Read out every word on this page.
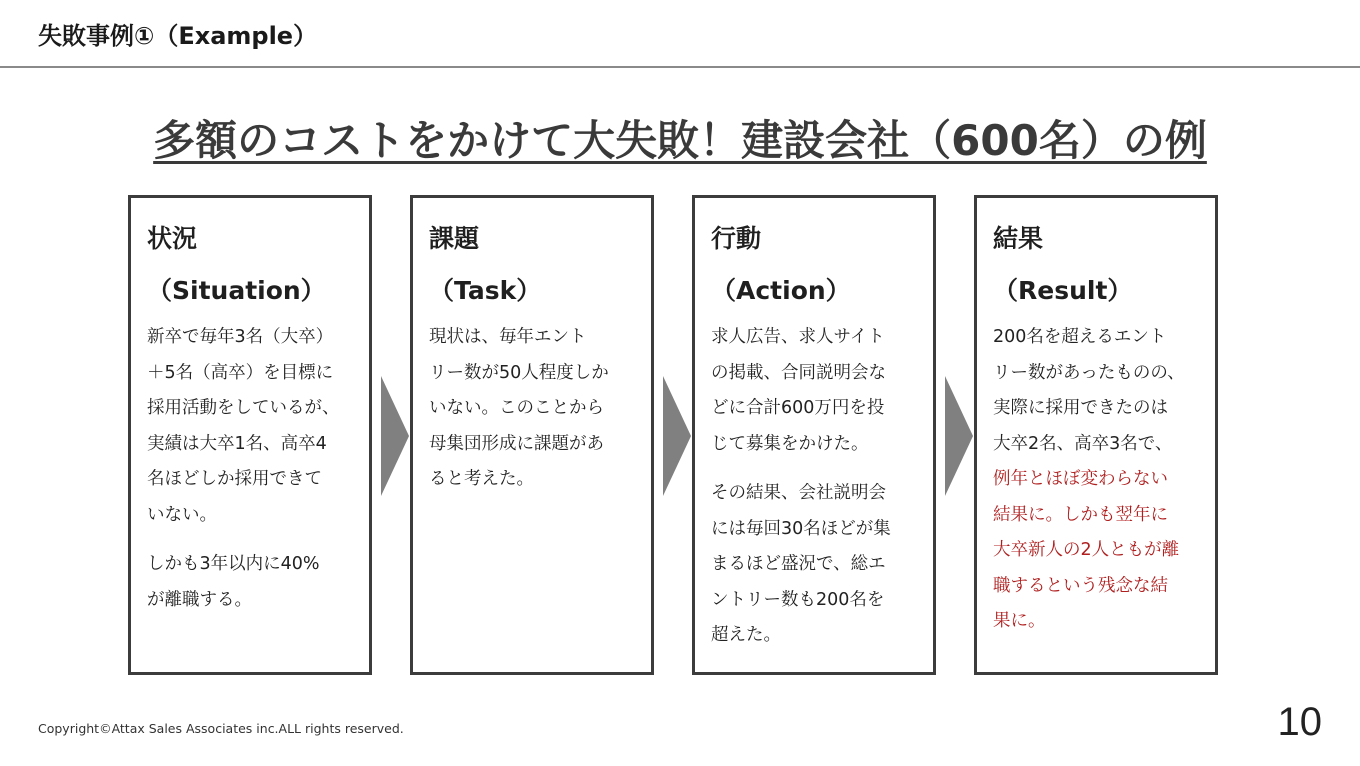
失敗事例①（Example）
多額のコストをかけて大失敗！建設会社（600名）の例
状況
（Situation）

新卒で毎年3名（大卒）
＋5名（高卒）を目標に
採用活動をしているが、
実績は大卒1名、高卒4
名ほどしか採用できて
いない。

しかも3年以内に40%
が離職する。

課題
（Task）

現状は、毎年エント
リー数が50人程度しか
いない。このことから
母集団形成に課題があ
ると考えた。

行動
（Action）

求人広告、求人サイト
の掲載、合同説明会な
どに合計600万円を投
じて募集をかけた。

その結果、会社説明会
には毎回30名ほどが集
まるほど盛況で、総エ
ントリー数も200名を
超えた。

結果
（Result）

200名を超えるエント
リー数があったものの、
実際に採用できたのは
大卒2名、高卒3名で、

例年とほぼ変わらない
結果に。しかも翌年に
大卒新人の2人ともが離
職するという残念な結
果に。

Copyright©Attax Sales Associates inc.ALL rights reserved.	10
